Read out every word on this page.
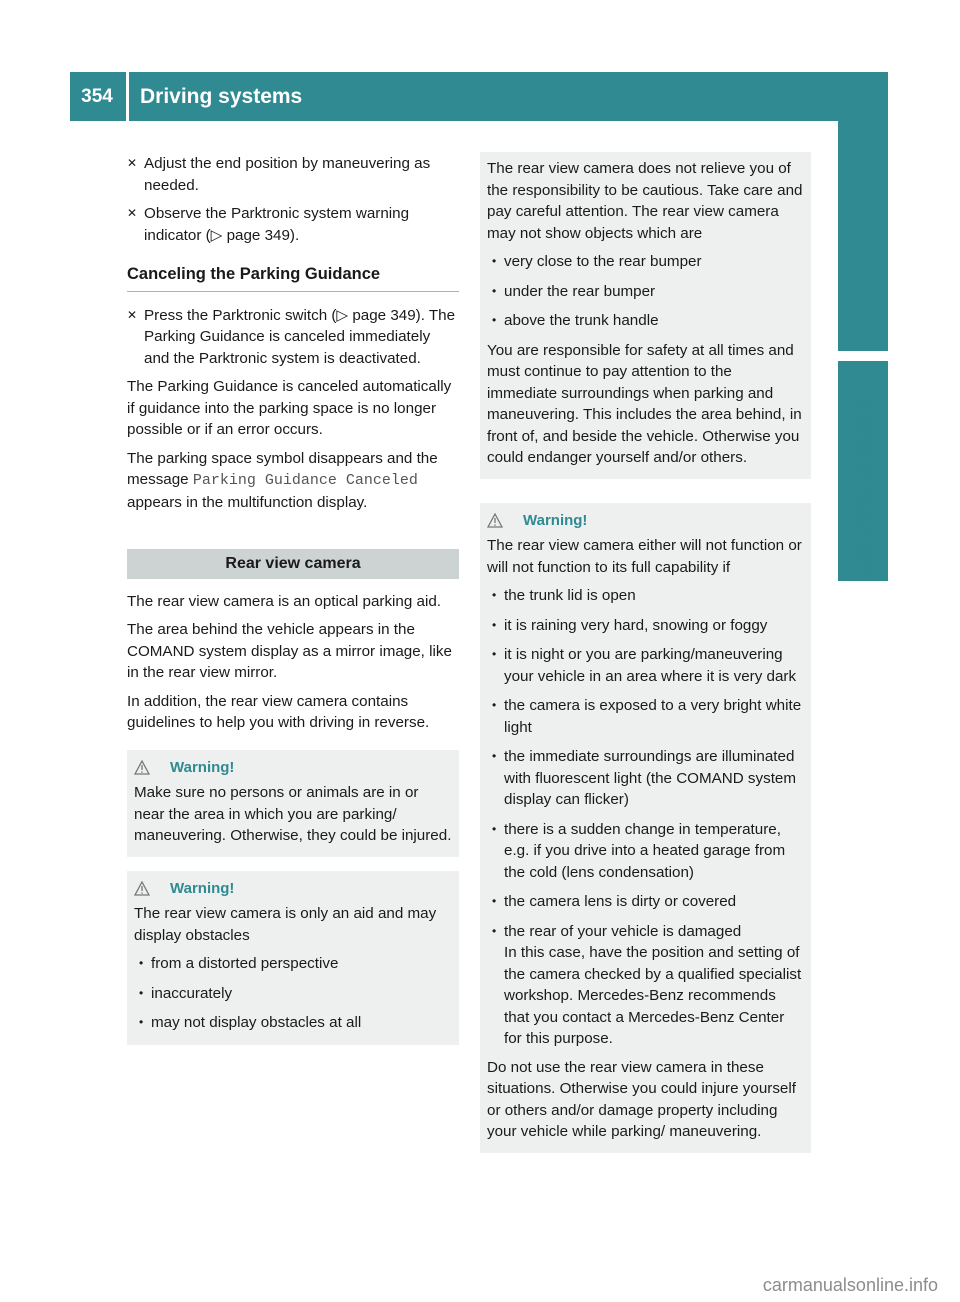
354	Driving systems
Controls in detail
✕ Adjust the end position by maneuvering as needed.
✕ Observe the Parktronic system warning indicator (▷ page 349).
Canceling the Parking Guidance
✕ Press the Parktronic switch (▷ page 349). The Parking Guidance is canceled immediately and the Parktronic system is deactivated.

The Parking Guidance is canceled automatically if guidance into the parking space is no longer possible or if an error occurs.

The parking space symbol disappears and the message Parking Guidance Canceled appears in the multifunction display.

Rear view camera

The rear view camera is an optical parking aid.

The area behind the vehicle appears in the COMAND system display as a mirror image, like in the rear view mirror.

In addition, the rear view camera contains guidelines to help you with driving in reverse.

Warning!

Make sure no persons or animals are in or near the area in which you are parking/ maneuvering. Otherwise, they could be injured.

Warning!

The rear view camera is only an aid and may display obstacles

• from a distorted perspective
• inaccurately
• may not display obstacles at all

The rear view camera does not relieve you of the responsibility to be cautious. Take care and pay careful attention. The rear view camera may not show objects which are

• very close to the rear bumper
• under the rear bumper
• above the trunk handle

You are responsible for safety at all times and must continue to pay attention to the immediate surroundings when parking and maneuvering. This includes the area behind, in front of, and beside the vehicle. Otherwise you could endanger yourself and/or others.

Warning!

The rear view camera either will not function or will not function to its full capability if

• the trunk lid is open
• it is raining very hard, snowing or foggy
• it is night or you are parking/maneuvering your vehicle in an area where it is very dark
• the camera is exposed to a very bright white light
• the immediate surroundings are illuminated with fluorescent light (the COMAND system display can flicker)
• there is a sudden change in temperature, e.g. if you drive into a heated garage from the cold (lens condensation)
• the camera lens is dirty or covered
• the rear of your vehicle is damaged

In this case, have the position and setting of the camera checked by a qualified specialist workshop. Mercedes-Benz recommends that you contact a Mercedes-Benz Center for this purpose.

Do not use the rear view camera in these situations. Otherwise you could injure yourself or others and/or damage property including your vehicle while parking/ maneuvering.

carmanualsonline.info
